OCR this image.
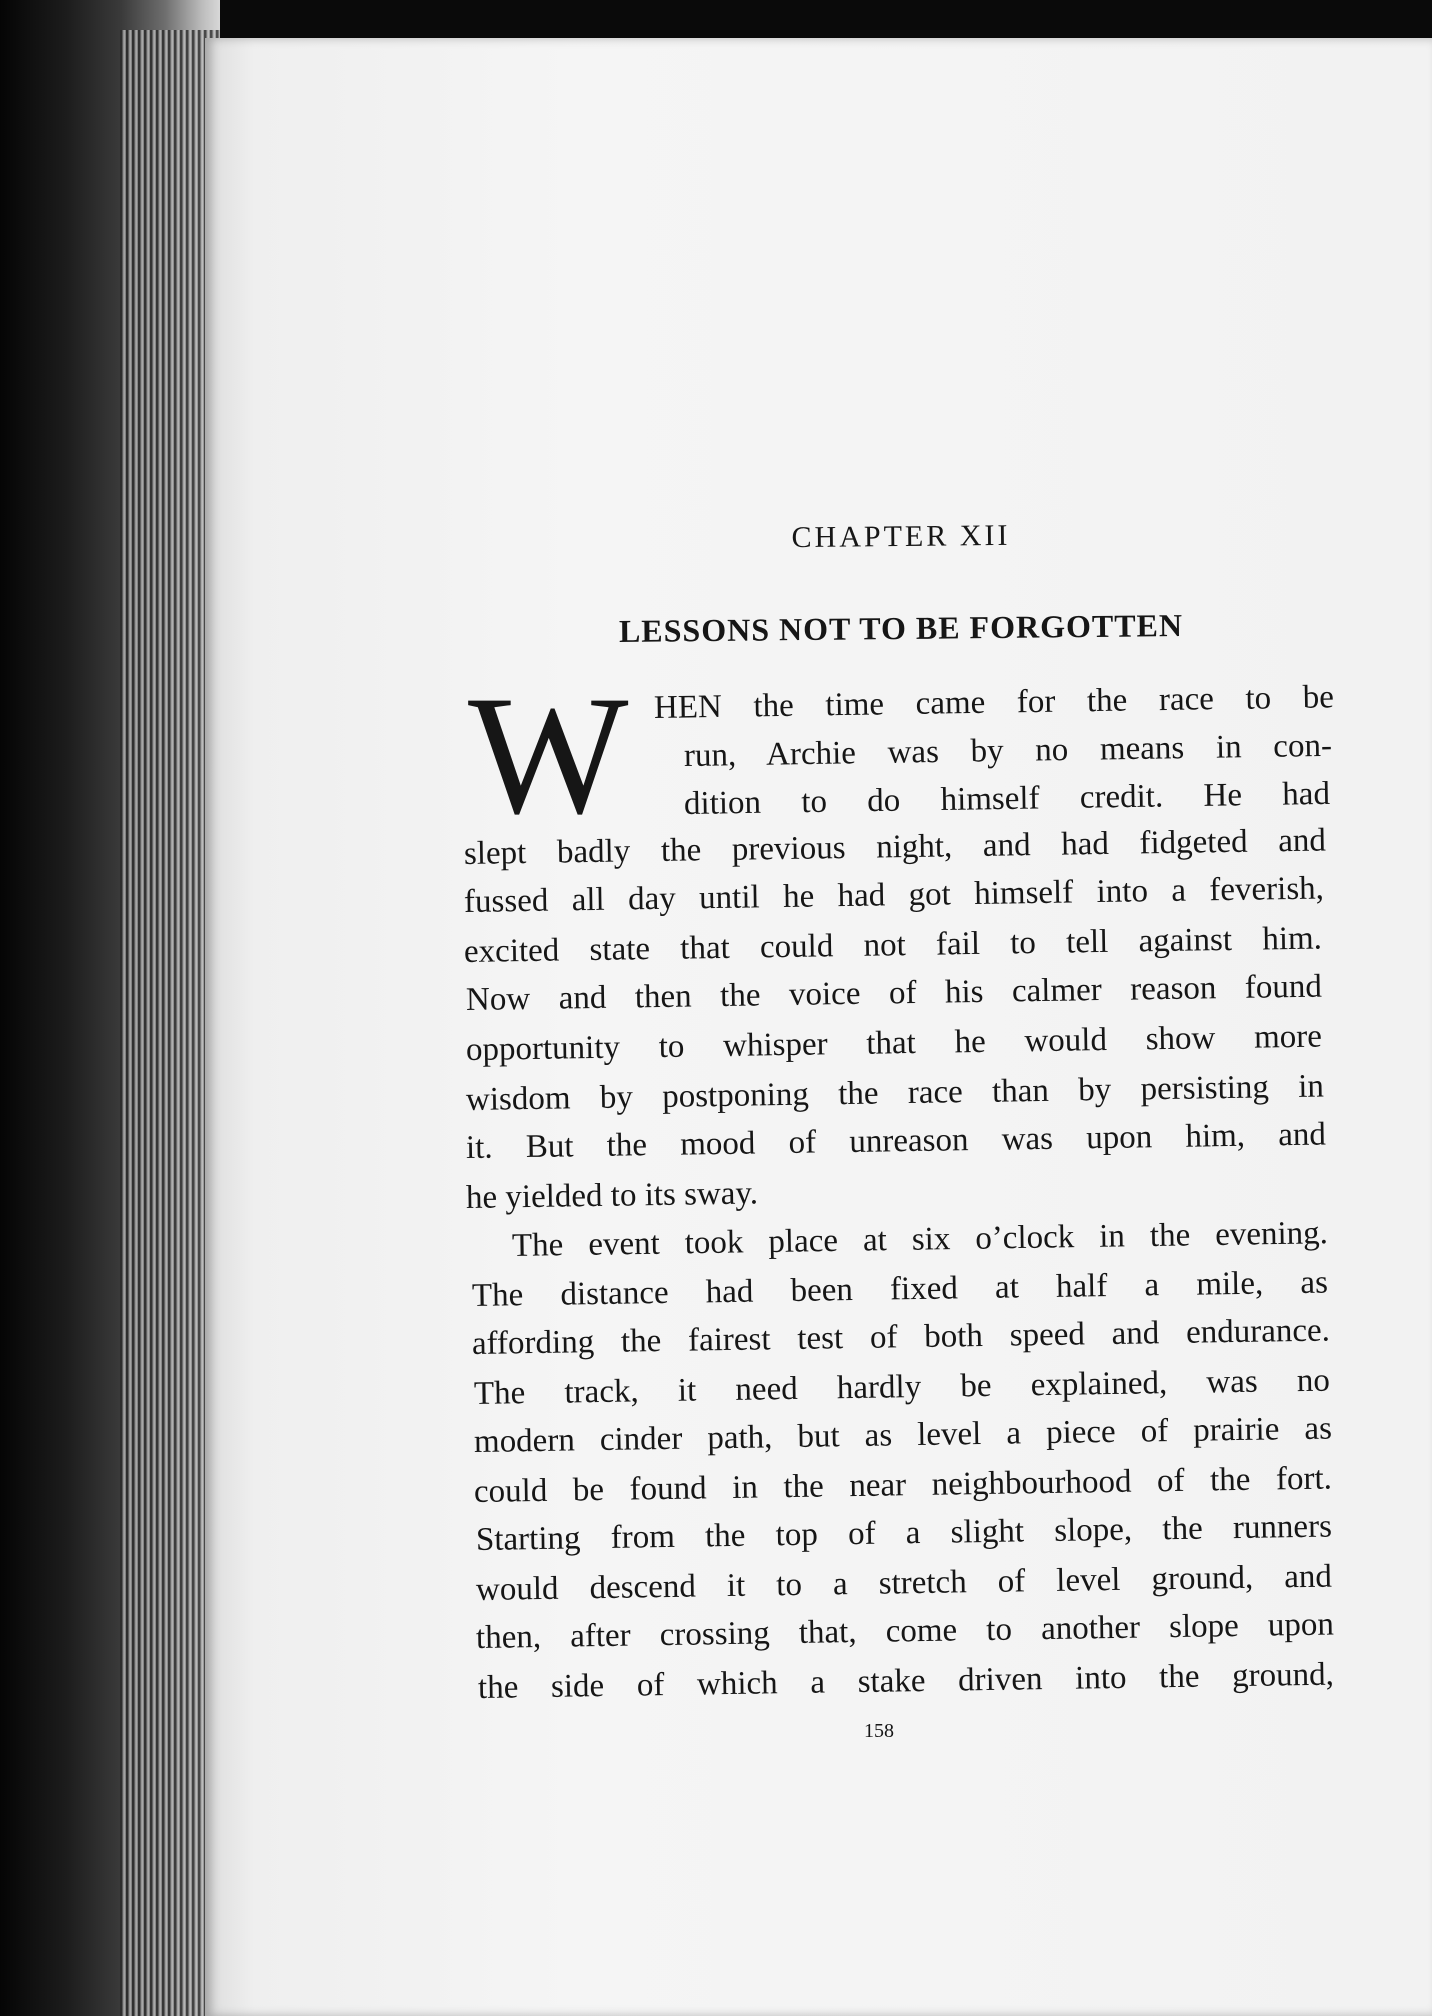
CHAPTER XII
LESSONS NOT TO BE FORGOTTEN
W HEN the time came for the race to be
run, Archie was by no means in con-
dition to do himself credit. He had
slept badly the previous night, and had fidgeted and
fussed all day until he had got himself into a feverish,
excited state that could not fail to tell against him.
Now and then the voice of his calmer reason found
opportunity to whisper that he would show more
wisdom by postponing the race than by persisting in
it. But the mood of unreason was upon him, and
he yielded to its sway.
The event took place at six o’clock in the evening.
The distance had been fixed at half a mile, as
affording the fairest test of both speed and endurance.
The track, it need hardly be explained, was no
modern cinder path, but as level a piece of prairie as
could be found in the near neighbourhood of the fort.
Starting from the top of a slight slope, the runners
would descend it to a stretch of level ground, and
then, after crossing that, come to another slope upon
the side of which a stake driven into the ground,
158
